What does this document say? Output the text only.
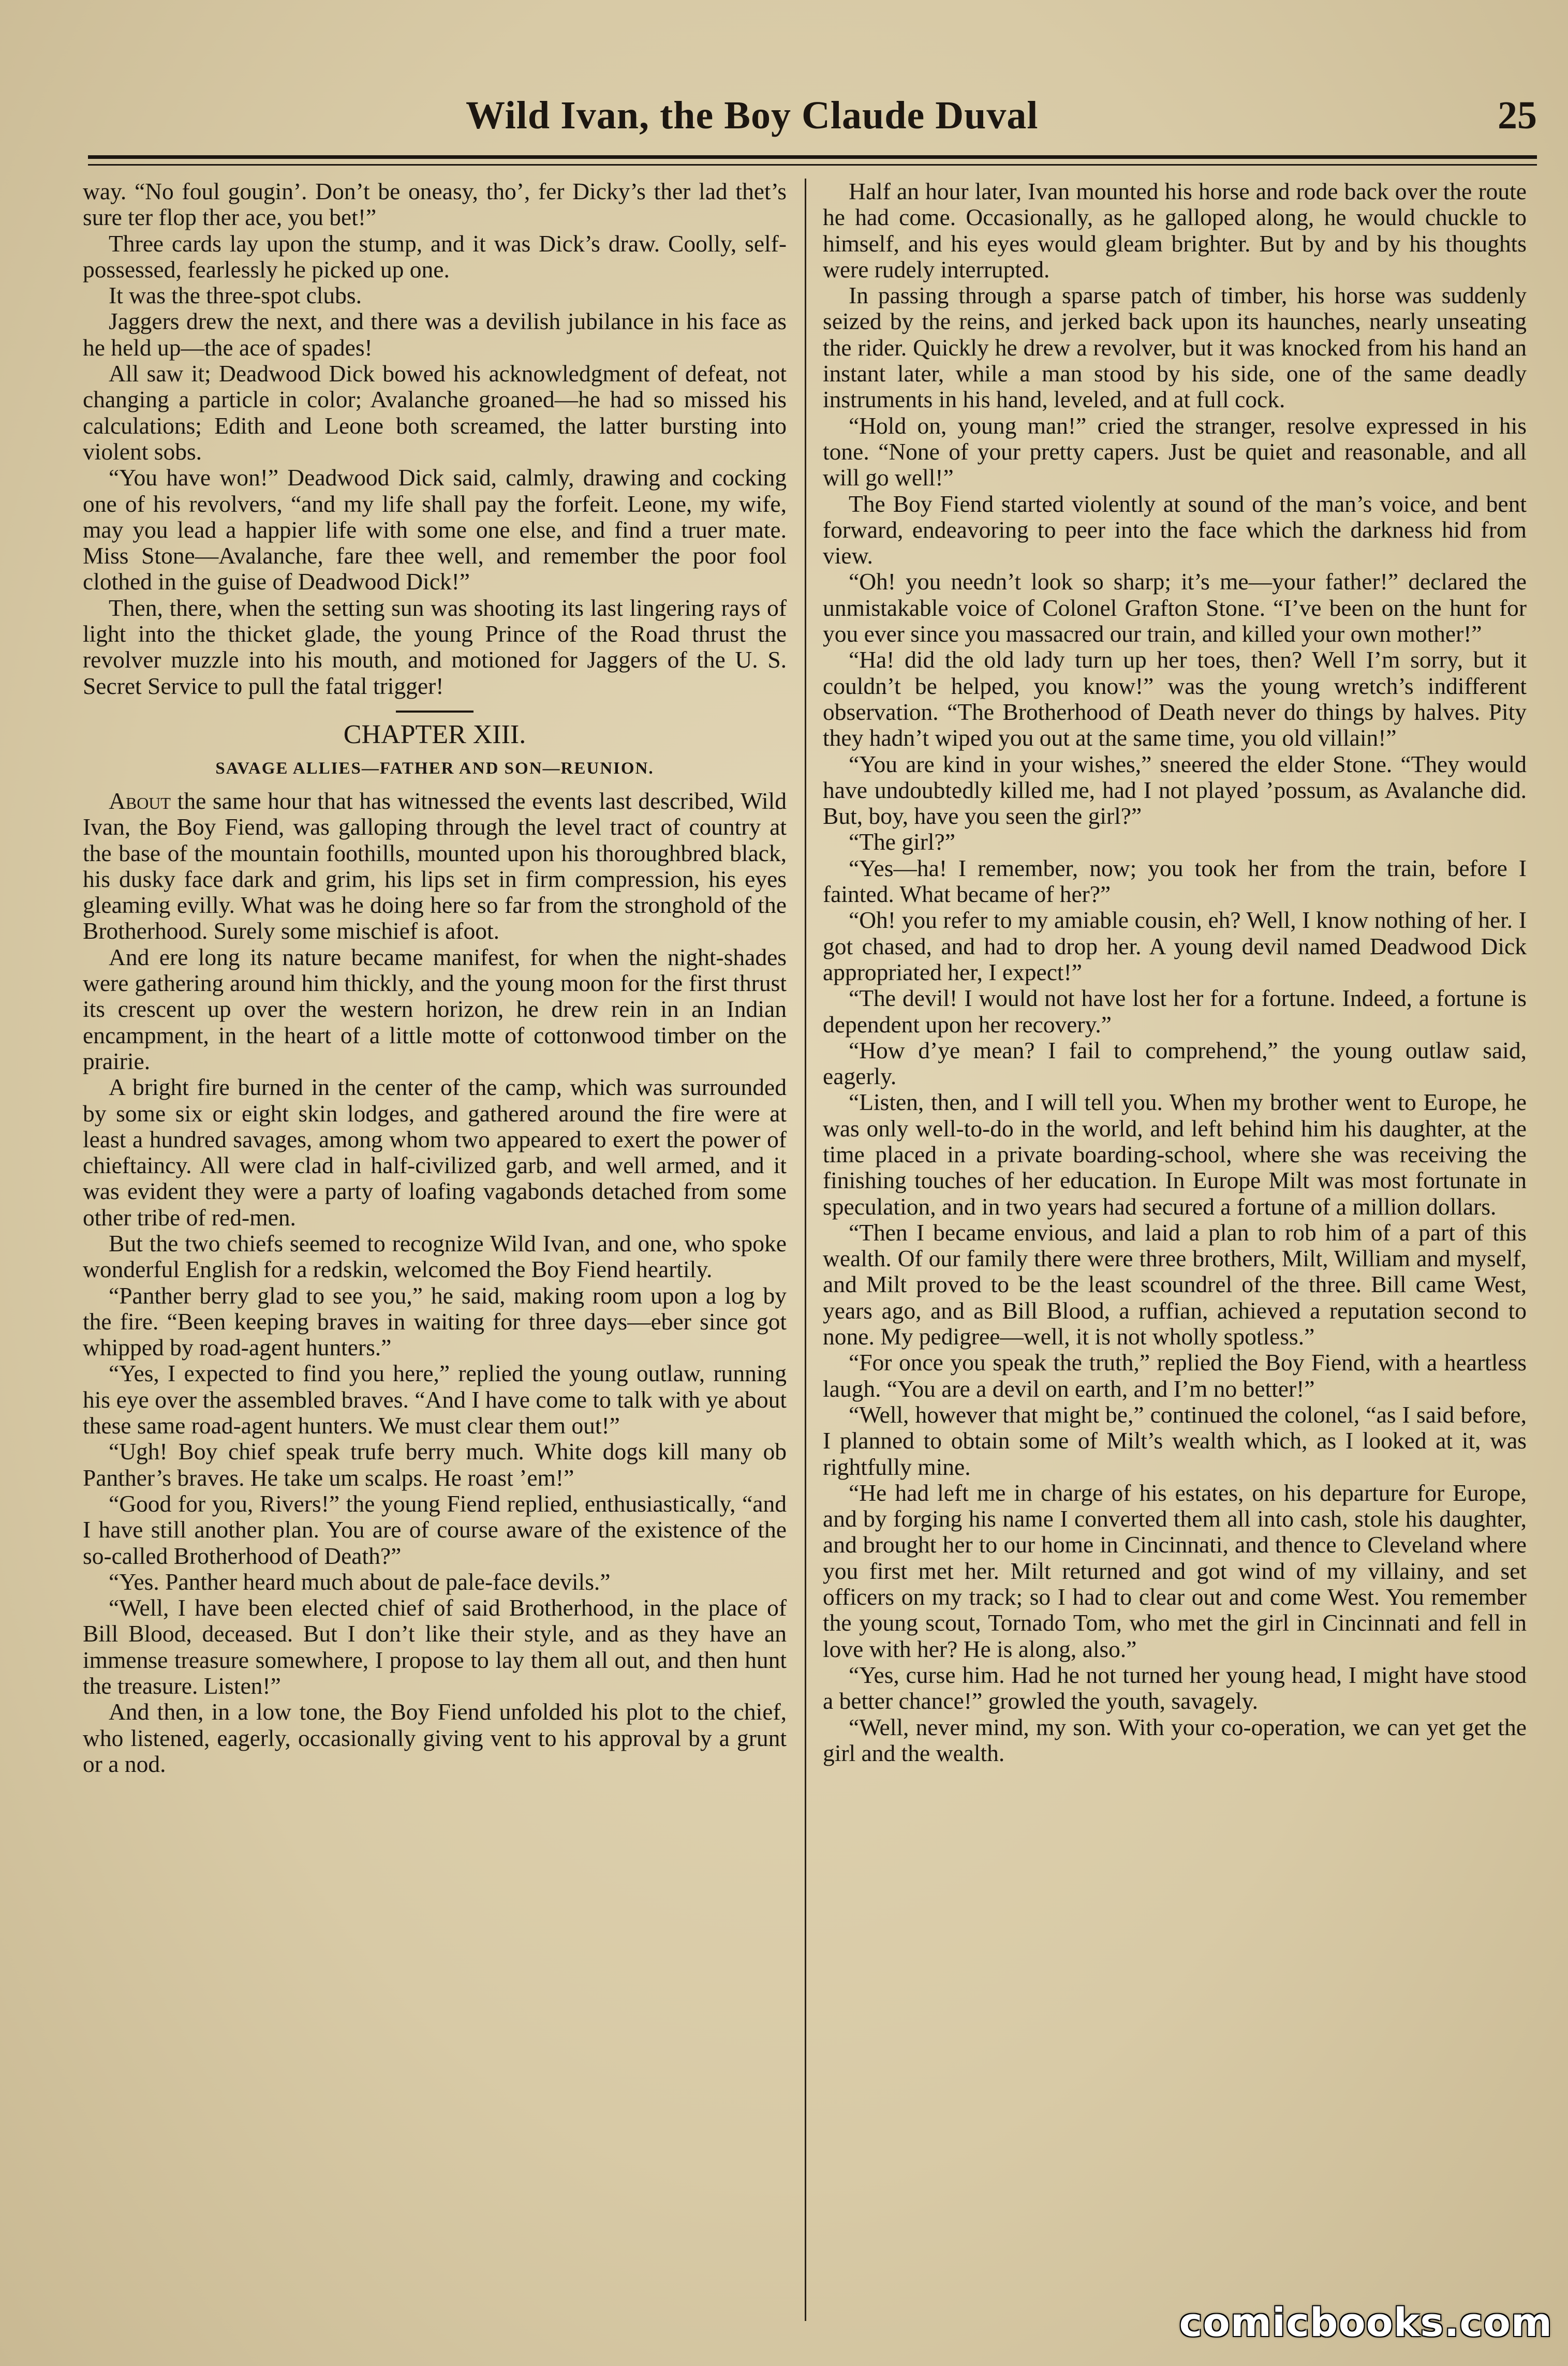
Wild Ivan, the Boy Claude Duval	25

way. “No foul gougin’. Don’t be oneasy, tho’, fer Dicky’s ther lad thet’s sure ter flop ther ace, you bet!”

Three cards lay upon the stump, and it was Dick’s draw. Coolly, self-possessed, fearlessly he picked up one.

It was the three-spot clubs.

Jaggers drew the next, and there was a devilish jubilance in his face as he held up—the ace of spades!

All saw it; Deadwood Dick bowed his acknowledgment of defeat, not changing a particle in color; Avalanche groaned—he had so missed his calculations; Edith and Leone both screamed, the latter bursting into violent sobs.

“You have won!” Deadwood Dick said, calmly, drawing and cocking one of his revolvers, “and my life shall pay the forfeit. Leone, my wife, may you lead a happier life with some one else, and find a truer mate. Miss Stone—Avalanche, fare thee well, and remember the poor fool clothed in the guise of Deadwood Dick!”

Then, there, when the setting sun was shooting its last lingering rays of light into the thicket glade, the young Prince of the Road thrust the revolver muzzle into his mouth, and motioned for Jaggers of the U. S. Secret Service to pull the fatal trigger!

CHAPTER XIII.
SAVAGE ALLIES—FATHER AND SON—REUNION.

About the same hour that has witnessed the events last described, Wild Ivan, the Boy Fiend, was galloping through the level tract of country at the base of the mountain foothills, mounted upon his thoroughbred black, his dusky face dark and grim, his lips set in firm compression, his eyes gleaming evilly. What was he doing here so far from the stronghold of the Brotherhood. Surely some mischief is afoot.

And ere long its nature became manifest, for when the night-shades were gathering around him thickly, and the young moon for the first thrust its crescent up over the western horizon, he drew rein in an Indian encampment, in the heart of a little motte of cottonwood timber on the prairie.

A bright fire burned in the center of the camp, which was surrounded by some six or eight skin lodges, and gathered around the fire were at least a hundred savages, among whom two appeared to exert the power of chieftaincy. All were clad in half-civilized garb, and well armed, and it was evident they were a party of loafing vagabonds detached from some other tribe of red-men.

But the two chiefs seemed to recognize Wild Ivan, and one, who spoke wonderful English for a redskin, welcomed the Boy Fiend heartily.

“Panther berry glad to see you,” he said, making room upon a log by the fire. “Been keeping braves in waiting for three days—eber since got whipped by road-agent hunters.”

“Yes, I expected to find you here,” replied the young outlaw, running his eye over the assembled braves. “And I have come to talk with ye about these same road-agent hunters. We must clear them out!”

“Ugh! Boy chief speak trufe berry much. White dogs kill many ob Panther’s braves. He take um scalps. He roast ’em!”

“Good for you, Rivers!” the young Fiend replied, enthusiastically, “and I have still another plan. You are of course aware of the existence of the so-called Brotherhood of Death?”

“Yes. Panther heard much about de pale-face devils.”

“Well, I have been elected chief of said Brotherhood, in the place of Bill Blood, deceased. But I don’t like their style, and as they have an immense treasure somewhere, I propose to lay them all out, and then hunt the treasure. Listen!”

And then, in a low tone, the Boy Fiend unfolded his plot to the chief, who listened, eagerly, occasionally giving vent to his approval by a grunt or a nod.

Half an hour later, Ivan mounted his horse and rode back over the route he had come. Occasionally, as he galloped along, he would chuckle to himself, and his eyes would gleam brighter. But by and by his thoughts were rudely interrupted.

In passing through a sparse patch of timber, his horse was suddenly seized by the reins, and jerked back upon its haunches, nearly unseating the rider. Quickly he drew a revolver, but it was knocked from his hand an instant later, while a man stood by his side, one of the same deadly instruments in his hand, leveled, and at full cock.

“Hold on, young man!” cried the stranger, resolve expressed in his tone. “None of your pretty capers. Just be quiet and reasonable, and all will go well!”

The Boy Fiend started violently at sound of the man’s voice, and bent forward, endeavoring to peer into the face which the darkness hid from view.

“Oh! you needn’t look so sharp; it’s me—your father!” declared the unmistakable voice of Colonel Grafton Stone. “I’ve been on the hunt for you ever since you massacred our train, and killed your own mother!”

“Ha! did the old lady turn up her toes, then? Well I’m sorry, but it couldn’t be helped, you know!” was the young wretch’s indifferent observation. “The Brotherhood of Death never do things by halves. Pity they hadn’t wiped you out at the same time, you old villain!”

“You are kind in your wishes,” sneered the elder Stone. “They would have undoubtedly killed me, had I not played ’possum, as Avalanche did. But, boy, have you seen the girl?”

“The girl?”

“Yes—ha! I remember, now; you took her from the train, before I fainted. What became of her?”

“Oh! you refer to my amiable cousin, eh? Well, I know nothing of her. I got chased, and had to drop her. A young devil named Deadwood Dick appropriated her, I expect!”

“The devil! I would not have lost her for a fortune. Indeed, a fortune is dependent upon her recovery.”

“How d’ye mean? I fail to comprehend,” the young outlaw said, eagerly.

“Listen, then, and I will tell you. When my brother went to Europe, he was only well-to-do in the world, and left behind him his daughter, at the time placed in a private boarding-school, where she was receiving the finishing touches of her education. In Europe Milt was most fortunate in speculation, and in two years had secured a fortune of a million dollars.

“Then I became envious, and laid a plan to rob him of a part of this wealth. Of our family there were three brothers, Milt, William and myself, and Milt proved to be the least scoundrel of the three. Bill came West, years ago, and as Bill Blood, a ruffian, achieved a reputation second to none. My pedigree—well, it is not wholly spotless.”

“For once you speak the truth,” replied the Boy Fiend, with a heartless laugh. “You are a devil on earth, and I’m no better!”

“Well, however that might be,” continued the colonel, “as I said before, I planned to obtain some of Milt’s wealth which, as I looked at it, was rightfully mine.

“He had left me in charge of his estates, on his departure for Europe, and by forging his name I converted them all into cash, stole his daughter, and brought her to our home in Cincinnati, and thence to Cleveland where you first met her. Milt returned and got wind of my villainy, and set officers on my track; so I had to clear out and come West. You remember the young scout, Tornado Tom, who met the girl in Cincinnati and fell in love with her? He is along, also.”

“Yes, curse him. Had he not turned her young head, I might have stood a better chance!” growled the youth, savagely.

“Well, never mind, my son. With your co-operation, we can yet get the girl and the wealth.

comicbooks.com
